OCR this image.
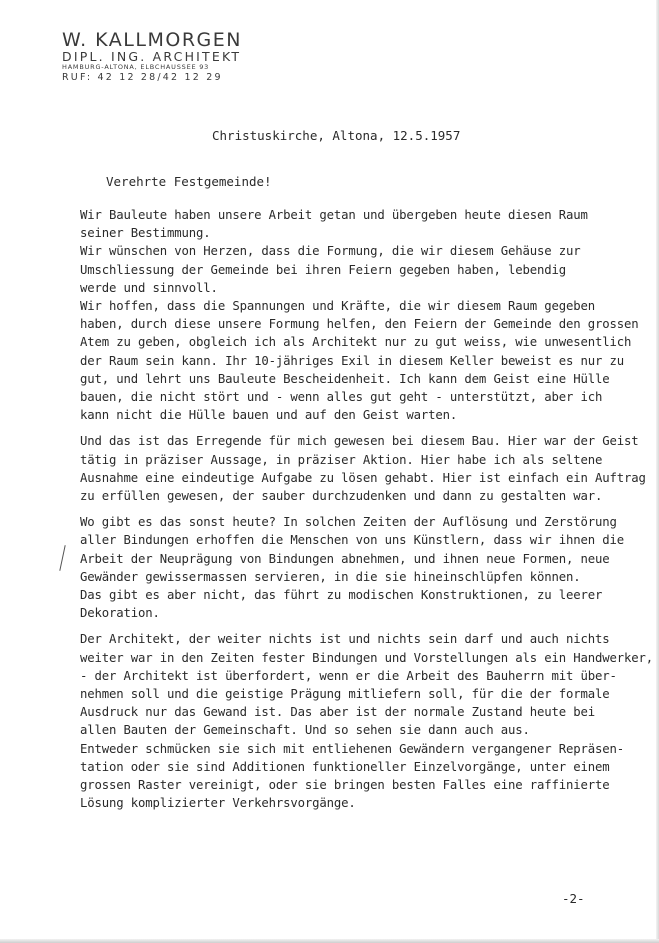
W. KALLMORGEN
DIPL. ING. ARCHITEKT
HAMBURG-ALTONA, ELBCHAUSSEE 93
RUF: 42 12 28/42 12 29
Christuskirche, Altona, 12.5.1957
Verehrte Festgemeinde!

Wir Bauleute haben unsere Arbeit getan und übergeben heute diesen Raum

seiner Bestimmung.

Wir wünschen von Herzen, dass die Formung, die wir diesem Gehäuse zur

Umschliessung der Gemeinde bei ihren Feiern gegeben haben, lebendig

werde und sinnvoll.

Wir hoffen, dass die Spannungen und Kräfte, die wir diesem Raum gegeben

haben, durch diese unsere Formung helfen, den Feiern der Gemeinde den grossen

Atem zu geben, obgleich ich als Architekt nur zu gut weiss, wie unwesentlich

der Raum sein kann. Ihr 10-jähriges Exil in diesem Keller beweist es nur zu

gut, und lehrt uns Bauleute Bescheidenheit. Ich kann dem Geist eine Hülle

bauen, die nicht stört und - wenn alles gut geht - unterstützt, aber ich

kann nicht die Hülle bauen und auf den Geist warten.

Und das ist das Erregende für mich gewesen bei diesem Bau. Hier war der Geist

tätig in präziser Aussage, in präziser Aktion. Hier habe ich als seltene

Ausnahme eine eindeutige Aufgabe zu lösen gehabt. Hier ist einfach ein Auftrag

zu erfüllen gewesen, der sauber durchzudenken und dann zu gestalten war.

Wo gibt es das sonst heute? In solchen Zeiten der Auflösung und Zerstörung

aller Bindungen erhoffen die Menschen von uns Künstlern, dass wir ihnen die

Arbeit der Neuprägung von Bindungen abnehmen, und ihnen neue Formen, neue

Gewänder gewissermassen servieren, in die sie hineinschlüpfen können.

Das gibt es aber nicht, das führt zu modischen Konstruktionen, zu leerer

Dekoration.

Der Architekt, der weiter nichts ist und nichts sein darf und auch nichts

weiter war in den Zeiten fester Bindungen und Vorstellungen als ein Handwerker,

- der Architekt ist überfordert, wenn er die Arbeit des Bauherrn mit über-

nehmen soll und die geistige Prägung mitliefern soll, für die der formale

Ausdruck nur das Gewand ist. Das aber ist der normale Zustand heute bei

allen Bauten der Gemeinschaft. Und so sehen sie dann auch aus.

Entweder schmücken sie sich mit entliehenen Gewändern vergangener Repräsen-

tation oder sie sind Additionen funktioneller Einzelvorgänge, unter einem

grossen Raster vereinigt, oder sie bringen besten Falles eine raffinierte

Lösung komplizierter Verkehrsvorgänge.

-2-
